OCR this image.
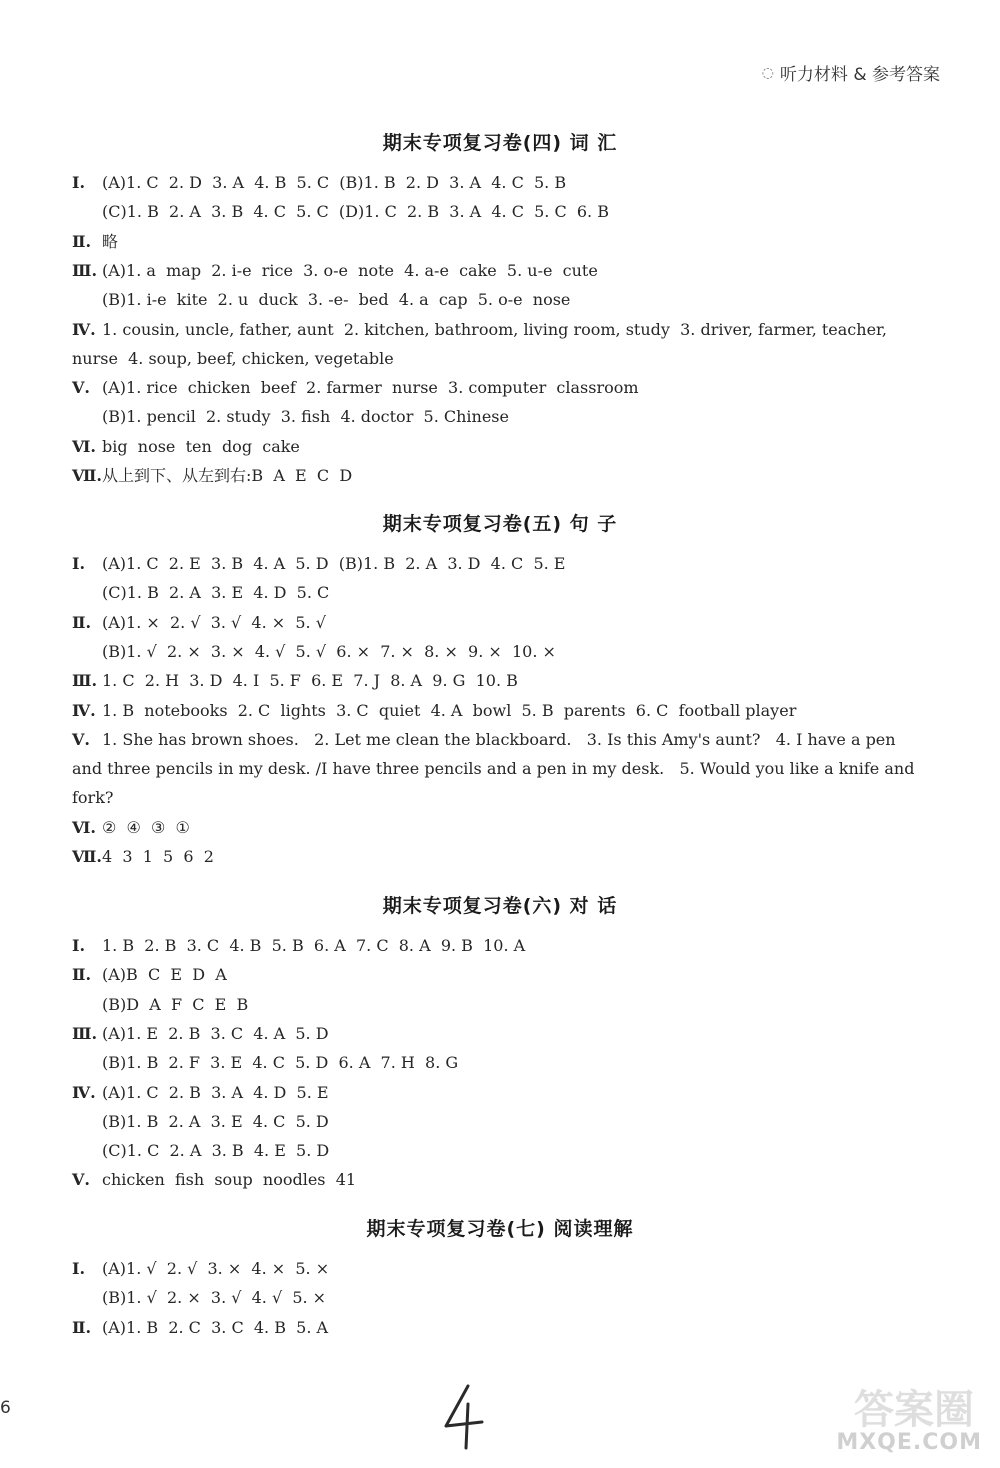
◌ 听力材料 & 参考答案
期末专项复习卷(四) 词 汇
Ⅰ. (A)1. C  2. D  3. A  4. B  5. C  (B)1. B  2. D  3. A  4. C  5. B
(C)1. B  2. A  3. B  4. C  5. C  (D)1. C  2. B  3. A  4. C  5. C  6. B
Ⅱ. 略
Ⅲ. (A)1. a  map  2. i-e  rice  3. o-e  note  4. a-e  cake  5. u-e  cute
(B)1. i-e  kite  2. u  duck  3. -e-  bed  4. a  cap  5. o-e  nose
Ⅳ. 1. cousin, uncle, father, aunt  2. kitchen, bathroom, living room, study  3. driver, farmer, teacher,
nurse  4. soup, beef, chicken, vegetable
Ⅴ. (A)1. rice  chicken  beef  2. farmer  nurse  3. computer  classroom
(B)1. pencil  2. study  3. fish  4. doctor  5. Chinese
Ⅵ. big  nose  ten  dog  cake
Ⅶ.从上到下、从左到右:B  A  E  C  D
期末专项复习卷(五) 句 子
Ⅰ. (A)1. C  2. E  3. B  4. A  5. D  (B)1. B  2. A  3. D  4. C  5. E
(C)1. B  2. A  3. E  4. D  5. C
Ⅱ. (A)1. ×  2. √  3. √  4. ×  5. √
(B)1. √  2. ×  3. ×  4. √  5. √  6. ×  7. ×  8. ×  9. ×  10. ×
Ⅲ. 1. C  2. H  3. D  4. I  5. F  6. E  7. J  8. A  9. G  10. B
Ⅳ. 1. B  notebooks  2. C  lights  3. C  quiet  4. A  bowl  5. B  parents  6. C  football player
Ⅴ. 1. She has brown shoes.   2. Let me clean the blackboard.   3. Is this Amy's aunt?   4. I have a pen
and three pencils in my desk. /I have three pencils and a pen in my desk.   5. Would you like a knife and
fork?
Ⅵ. ②  ④  ③  ①
Ⅶ.4  3  1  5  6  2
期末专项复习卷(六) 对 话
Ⅰ. 1. B  2. B  3. C  4. B  5. B  6. A  7. C  8. A  9. B  10. A
Ⅱ. (A)B  C  E  D  A
(B)D  A  F  C  E  B
Ⅲ. (A)1. E  2. B  3. C  4. A  5. D
(B)1. B  2. F  3. E  4. C  5. D  6. A  7. H  8. G
Ⅳ. (A)1. C  2. B  3. A  4. D  5. E
(B)1. B  2. A  3. E  4. C  5. D
(C)1. C  2. A  3. B  4. E  5. D
Ⅴ. chicken  fish  soup  noodles  41
期末专项复习卷(七) 阅读理解
Ⅰ. (A)1. √  2. √  3. ×  4. ×  5. ×
(B)1. √  2. ×  3. √  4. √  5. ×
Ⅱ. (A)1. B  2. C  3. C  4. B  5. A
6	答案圈
MXQE.COM
